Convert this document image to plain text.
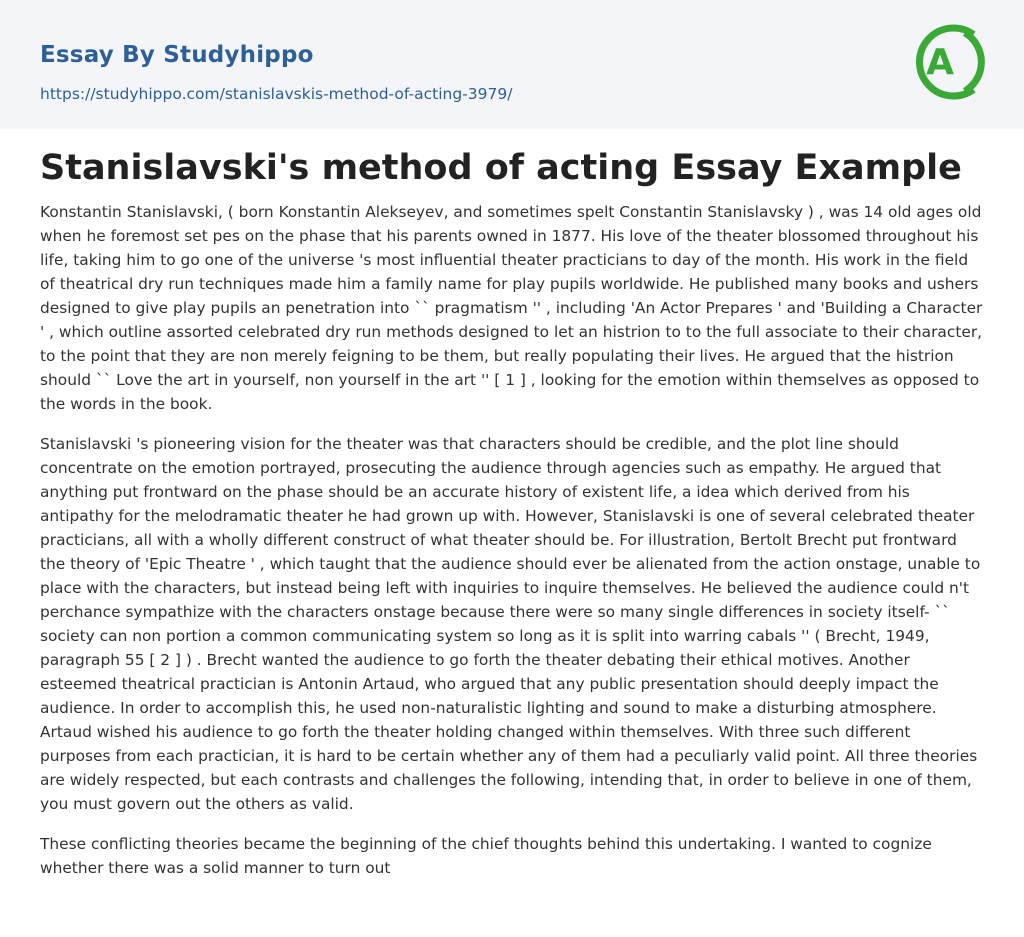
Essay By Studyhippo
https://studyhippo.com/stanislavskis-method-of-acting-3979/
A
Stanislavski's method of acting Essay Example

Konstantin Stanislavski, ( born Konstantin Alekseyev, and sometimes spelt Constantin Stanislavsky ) , was 14 old ages old when he foremost set pes on the phase that his parents owned in 1877. His love of the theater blossomed throughout his life, taking him to go one of the universe 's most influential theater practicians to day of the month. His work in the field of theatrical dry run techniques made him a family name for play pupils worldwide. He published many books and ushers designed to give play pupils an penetration into `` pragmatism '' , including 'An Actor Prepares ' and 'Building a Character ' , which outline assorted celebrated dry run methods designed to let an histrion to to the full associate to their character, to the point that they are non merely feigning to be them, but really populating their lives. He argued that the histrion should `` Love the art in yourself, non yourself in the art '' [ 1 ] , looking for the emotion within themselves as opposed to the words in the book.

Stanislavski 's pioneering vision for the theater was that characters should be credible, and the plot line should concentrate on the emotion portrayed, prosecuting the audience through agencies such as empathy. He argued that anything put frontward on the phase should be an accurate history of existent life, a idea which derived from his antipathy for the melodramatic theater he had grown up with. However, Stanislavski is one of several celebrated theater practicians, all with a wholly different construct of what theater should be. For illustration, Bertolt Brecht put frontward the theory of 'Epic Theatre ' , which taught that the audience should ever be alienated from the action onstage, unable to place with the characters, but instead being left with inquiries to inquire themselves. He believed the audience could n't perchance sympathize with the characters onstage because there were so many single differences in society itself- `` society can non portion a common communicating system so long as it is split into warring cabals '' ( Brecht, 1949, paragraph 55 [ 2 ] ) . Brecht wanted the audience to go forth the theater debating their ethical motives. Another esteemed theatrical practician is Antonin Artaud, who argued that any public presentation should deeply impact the audience. In order to accomplish this, he used non-naturalistic lighting and sound to make a disturbing atmosphere. Artaud wished his audience to go forth the theater holding changed within themselves. With three such different purposes from each practician, it is hard to be certain whether any of them had a peculiarly valid point. All three theories are widely respected, but each contrasts and challenges the following, intending that, in order to believe in one of them, you must govern out the others as valid.

These conflicting theories became the beginning of the chief thoughts behind this undertaking. I wanted to cognize whether there was a solid manner to turn out
